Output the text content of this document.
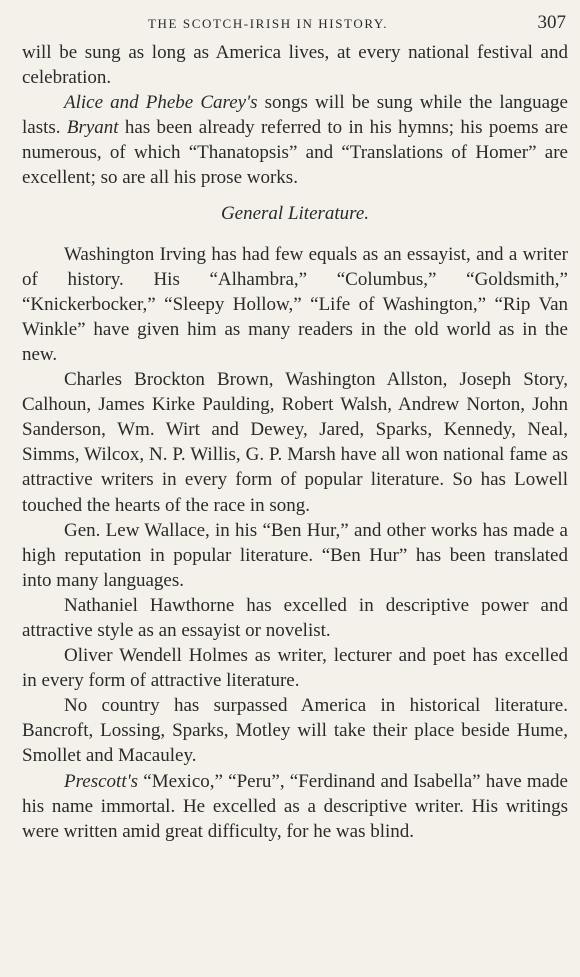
THE SCOTCH-IRISH IN HISTORY.	307

will be sung as long as America lives, at every national festival and celebration.

Alice and Phebe Carey's songs will be sung while the language lasts. Bryant has been already referred to in his hymns; his poems are numerous, of which “Thanatopsis” and “Translations of Homer” are excellent; so are all his prose works.

General Literature.

Washington Irving has had few equals as an essayist, and a writer of history. His “Alhambra,” “Columbus,” “Goldsmith,” “Knickerbocker,” “Sleepy Hollow,” “Life of Washington,” “Rip Van Winkle” have given him as many readers in the old world as in the new.

Charles Brockton Brown, Washington Allston, Joseph Story, Calhoun, James Kirke Paulding, Robert Walsh, Andrew Norton, John Sanderson, Wm. Wirt and Dewey, Jared, Sparks, Kennedy, Neal, Simms, Wilcox, N. P. Willis, G. P. Marsh have all won national fame as attractive writers in every form of popular literature. So has Lowell touched the hearts of the race in song.

Gen. Lew Wallace, in his “Ben Hur,” and other works has made a high reputation in popular literature. “Ben Hur” has been translated into many languages.

Nathaniel Hawthorne has excelled in descriptive power and attractive style as an essayist or novelist.

Oliver Wendell Holmes as writer, lecturer and poet has excelled in every form of attractive literature.

No country has surpassed America in historical literature. Bancroft, Lossing, Sparks, Motley will take their place beside Hume, Smollet and Macauley.

Prescott's “Mexico,” “Peru”, “Ferdinand and Isabella” have made his name immortal. He excelled as a descriptive writer. His writings were written amid great difficulty, for he was blind.
